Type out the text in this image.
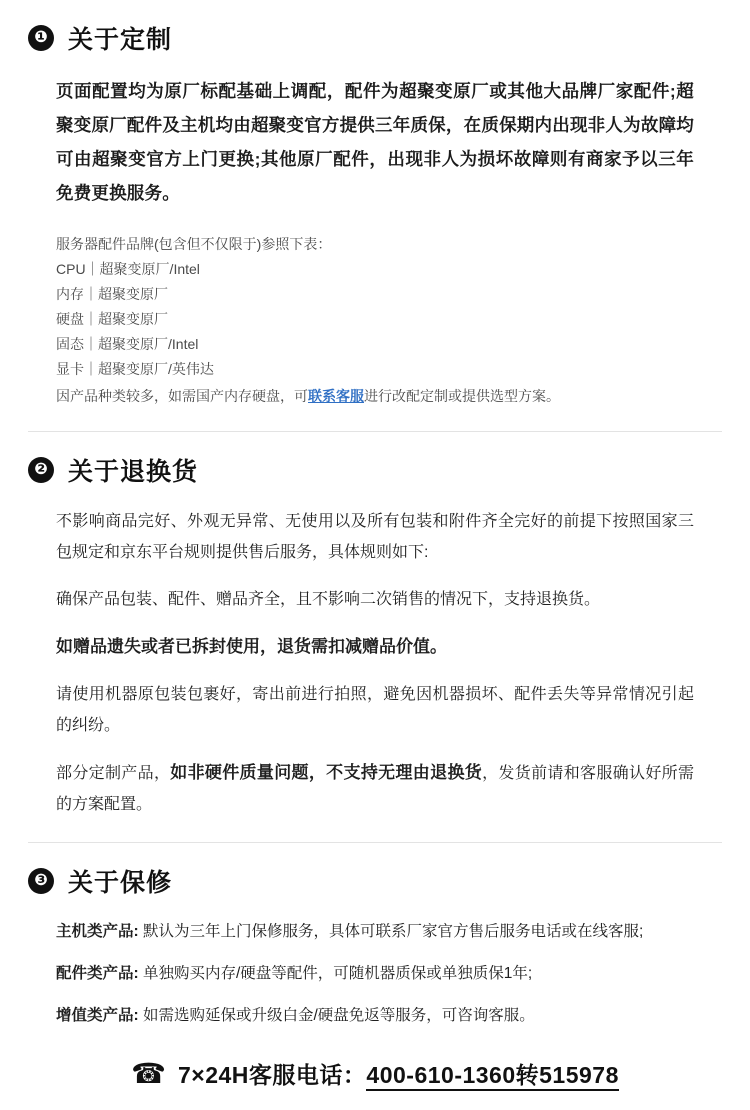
❶ 关于定制

页面配置均为原厂标配基础上调配，配件为超聚变原厂或其他大品牌厂家配件;超聚变原厂配件及主机均由超聚变官方提供三年质保，在质保期内出现非人为故障均可由超聚变官方上门更换;其他原厂配件，出现非人为损坏故障则有商家予以三年免费更换服务。

服务器配件品牌(包含但不仅限于)参照下表：
CPU｜超聚变原厂/Intel
内存｜超聚变原厂
硬盘｜超聚变原厂
固态｜超聚变原厂/Intel
显卡｜超聚变原厂/英伟达
因产品种类较多，如需国产内存硬盘，可联系客服进行改配定制或提供选型方案。
❷ 关于退换货

不影响商品完好、外观无异常、无使用以及所有包装和附件齐全完好的前提下按照国家三包规定和京东平台规则提供售后服务，具体规则如下:

确保产品包装、配件、赠品齐全，且不影响二次销售的情况下，支持退换货。

如赠品遗失或者已拆封使用，退货需扣减赠品价值。

请使用机器原包装包裹好，寄出前进行拍照，避免因机器损坏、配件丢失等异常情况引起的纠纷。

部分定制产品，如非硬件质量问题，不支持无理由退换货，发货前请和客服确认好所需的方案配置。

❸ 关于保修

主机类产品: 默认为三年上门保修服务，具体可联系厂家官方售后服务电话或在线客服;

配件类产品: 单独购买内存/硬盘等配件，可随机器质保或单独质保1年;

增值类产品: 如需选购延保或升级白金/硬盘免返等服务，可咨询客服。

☎ 7×24H客服电话：400-610-1360转515978
